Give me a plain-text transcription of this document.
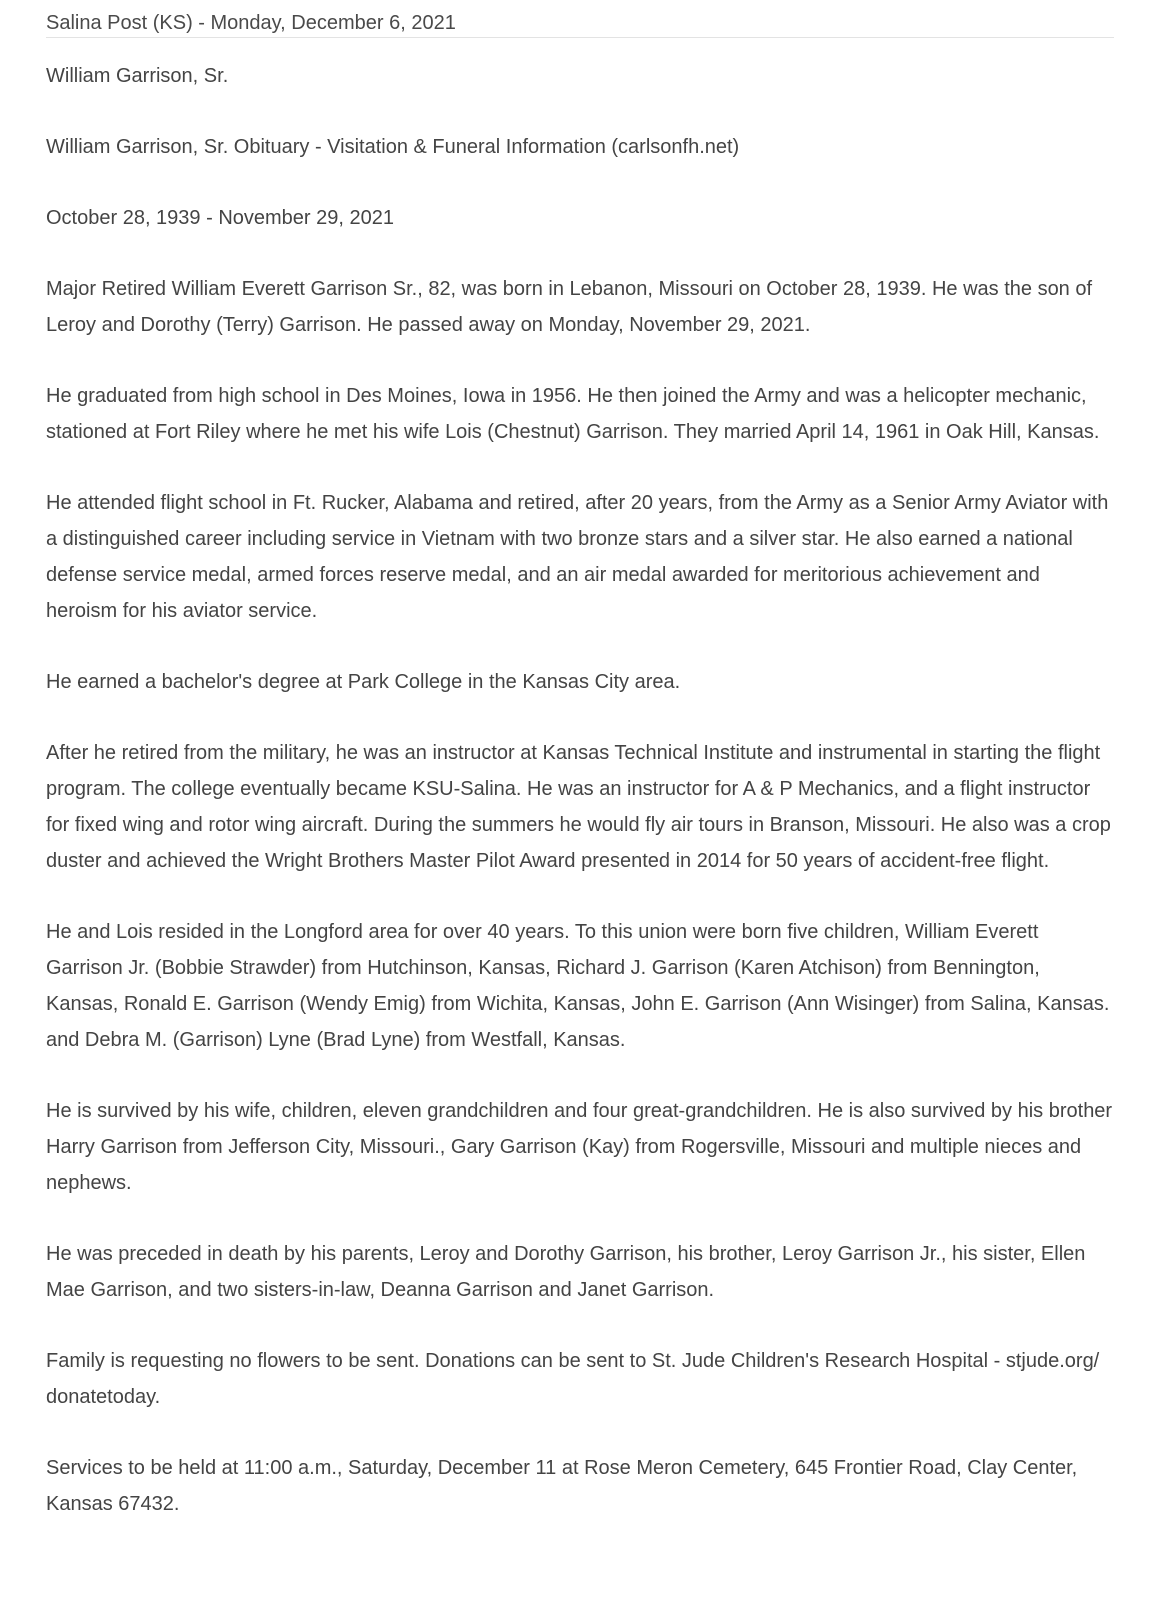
Salina Post (KS) - Monday, December 6, 2021

William Garrison, Sr.

William Garrison, Sr. Obituary - Visitation & Funeral Information (carlsonfh.net)

October 28, 1939 - November 29, 2021

Major Retired William Everett Garrison Sr., 82, was born in Lebanon, Missouri on October 28, 1939. He was the son of Leroy and Dorothy (Terry) Garrison. He passed away on Monday, November 29, 2021.

He graduated from high school in Des Moines, Iowa in 1956. He then joined the Army and was a helicopter mechanic, stationed at Fort Riley where he met his wife Lois (Chestnut) Garrison. They married April 14, 1961 in Oak Hill, Kansas.

He attended flight school in Ft. Rucker, Alabama and retired, after 20 years, from the Army as a Senior Army Aviator with a distinguished career including service in Vietnam with two bronze stars and a silver star. He also earned a national defense service medal, armed forces reserve medal, and an air medal awarded for meritorious achievement and heroism for his aviator service.

He earned a bachelor's degree at Park College in the Kansas City area.

After he retired from the military, he was an instructor at Kansas Technical Institute and instrumental in starting the flight program. The college eventually became KSU-Salina. He was an instructor for A & P Mechanics, and a flight instructor for fixed wing and rotor wing aircraft. During the summers he would fly air tours in Branson, Missouri. He also was a crop duster and achieved the Wright Brothers Master Pilot Award presented in 2014 for 50 years of accident-free flight.

He and Lois resided in the Longford area for over 40 years. To this union were born five children, William Everett Garrison Jr. (Bobbie Strawder) from Hutchinson, Kansas, Richard J. Garrison (Karen Atchison) from Bennington, Kansas, Ronald E. Garrison (Wendy Emig) from Wichita, Kansas, John E. Garrison (Ann Wisinger) from Salina, Kansas. and Debra M. (Garrison) Lyne (Brad Lyne) from Westfall, Kansas.

He is survived by his wife, children, eleven grandchildren and four great-grandchildren. He is also survived by his brother Harry Garrison from Jefferson City, Missouri., Gary Garrison (Kay) from Rogersville, Missouri and multiple nieces and nephews.

He was preceded in death by his parents, Leroy and Dorothy Garrison, his brother, Leroy Garrison Jr., his sister, Ellen Mae Garrison, and two sisters-in-law, Deanna Garrison and Janet Garrison.

Family is requesting no flowers to be sent. Donations can be sent to St. Jude Children's Research Hospital - stjude.org/ donatetoday.

Services to be held at 11:00 a.m., Saturday, December 11 at Rose Meron Cemetery, 645 Frontier Road, Clay Center, Kansas 67432.
